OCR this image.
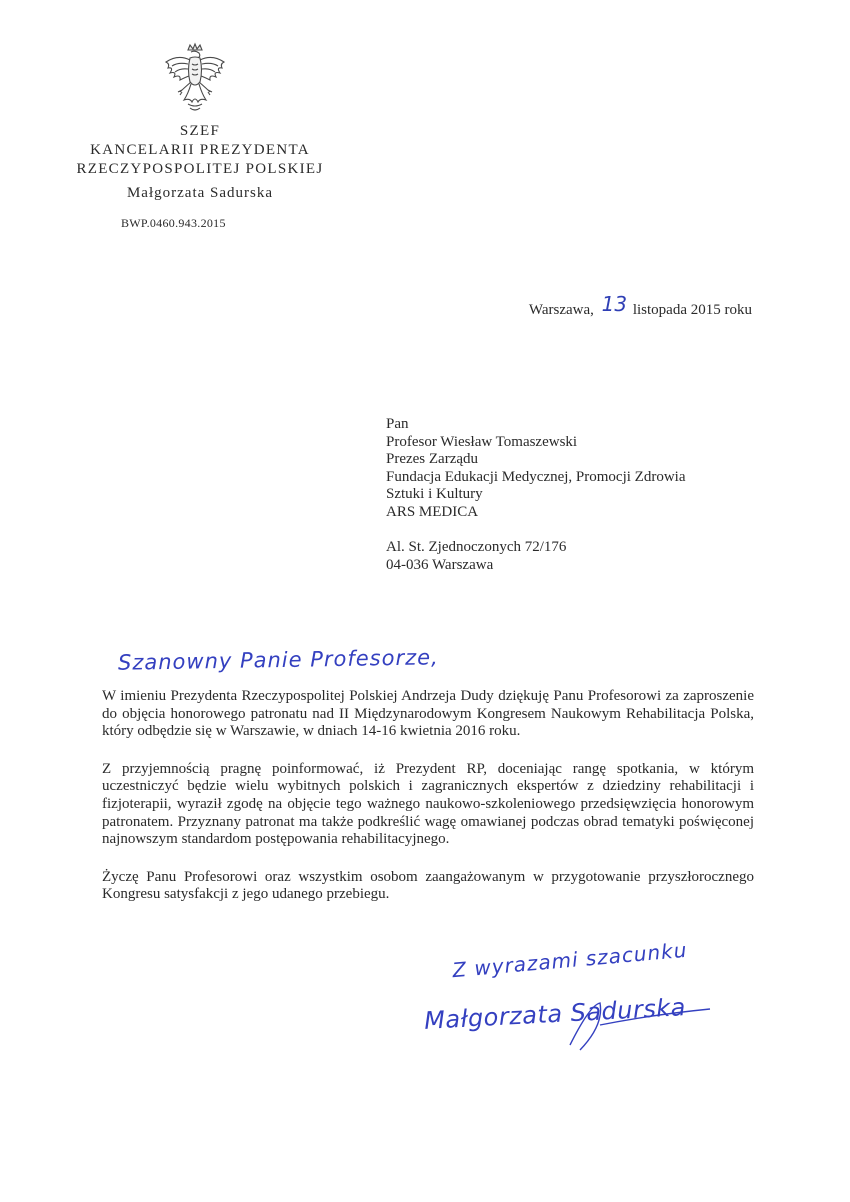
SZEF
KANCELARII PREZYDENTA
RZECZYPOSPOLITEJ POLSKIEJ
Małgorzata Sadurska
BWP.0460.943.2015
Warszawa, 13 listopada 2015 roku
Pan
Profesor Wiesław Tomaszewski
Prezes Zarządu
Fundacja Edukacji Medycznej, Promocji Zdrowia
Sztuki i Kultury
ARS MEDICA
Al. St. Zjednoczonych 72/176
04-036 Warszawa
Szanowny Panie Profesorze,

W imieniu Prezydenta Rzeczypospolitej Polskiej Andrzeja Dudy dziękuję Panu Profesorowi za zaproszenie do objęcia honorowego patronatu nad II Międzynarodowym Kongresem Naukowym Rehabilitacja Polska, który odbędzie się w Warszawie, w dniach 14-16 kwietnia 2016 roku.

Z przyjemnością pragnę poinformować, iż Prezydent RP, doceniając rangę spotkania, w którym uczestniczyć będzie wielu wybitnych polskich i zagranicznych ekspertów z dziedziny rehabilitacji i fizjoterapii, wyraził zgodę na objęcie tego ważnego naukowo-szkoleniowego przedsięwzięcia honorowym patronatem. Przyznany patronat ma także podkreślić wagę omawianej podczas obrad tematyki poświęconej najnowszym standardom postępowania rehabilitacyjnego.

Życzę Panu Profesorowi oraz wszystkim osobom zaangażowanym w przygotowanie przyszłorocznego Kongresu satysfakcji z jego udanego przebiegu.

Z wyrazami szacunku
Małgorzata Sadurska
